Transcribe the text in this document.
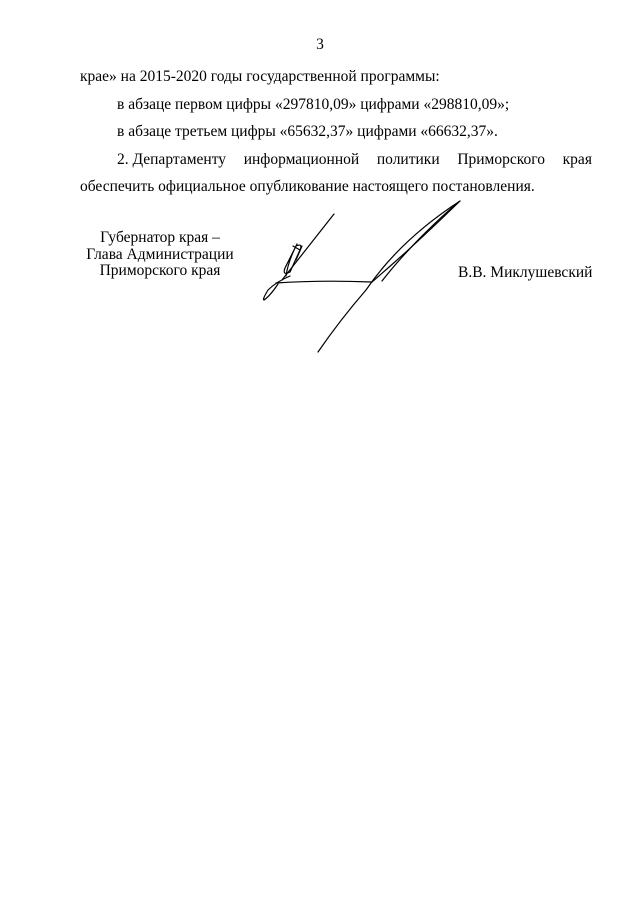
3
крае» на 2015-2020 годы государственной программы:
в абзаце первом цифры «297810,09» цифрами «298810,09»;
в абзаце третьем цифры «65632,37» цифрами «66632,37».
2. Департаменту информационной политики Приморского края
обеспечить официальное опубликование настоящего постановления.
Губернатор края –
Глава Администрации
Приморского края	В.В. Миклушевский
